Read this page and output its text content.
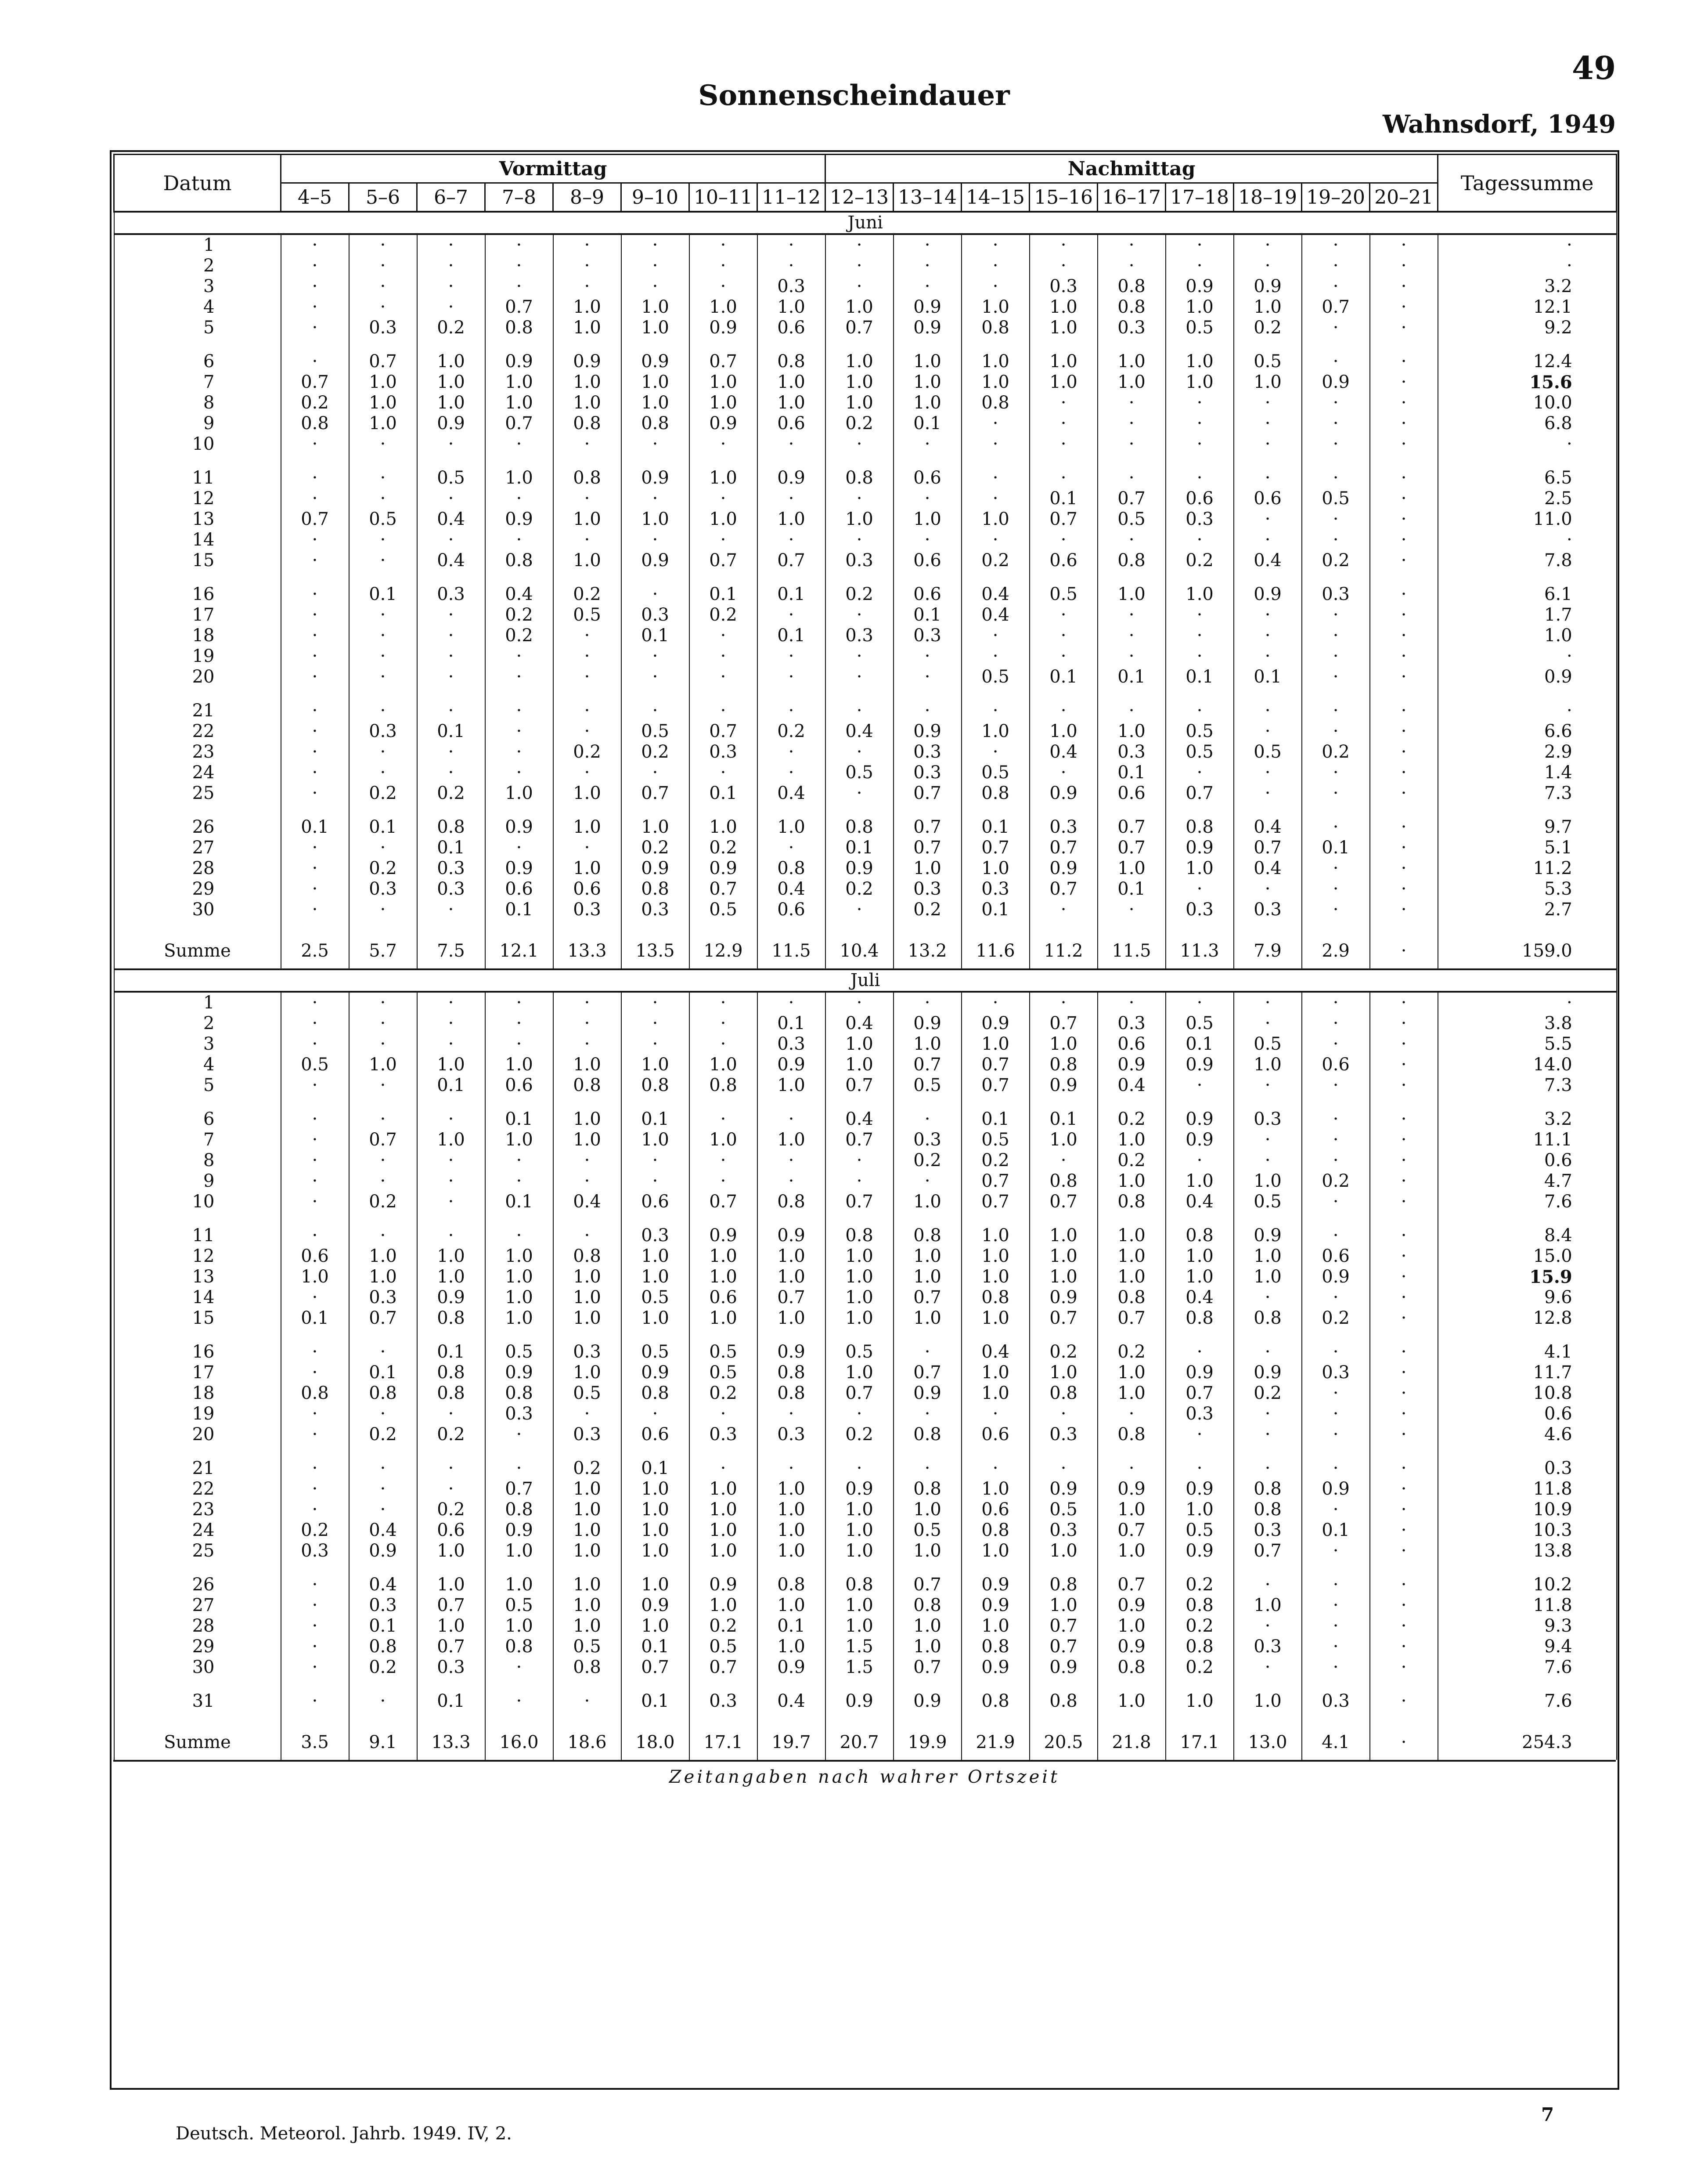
49
Sonnenscheindauer
Wahnsdorf, 1949
Datum	Vormittag								Nachmittag									Tagessumme
	4–5	5–6	6–7	7–8	8–9	9–10	10–11	11–12	12–13	13–14	14–15	15–16	16–17	17–18	18–19	19–20	20–21	
Juni																		
1	·	·	·	·	·	·	·	·	·	·	·	·	·	·	·	·	·	·
2	·	·	·	·	·	·	·	·	·	·	·	·	·	·	·	·	·	·
3	·	·	·	·	·	·	·	0.3	·	·	·	0.3	0.8	0.9	0.9	·	·	3.2
4	·	·	·	0.7	1.0	1.0	1.0	1.0	1.0	0.9	1.0	1.0	0.8	1.0	1.0	0.7	·	12.1
5	·	0.3	0.2	0.8	1.0	1.0	0.9	0.6	0.7	0.9	0.8	1.0	0.3	0.5	0.2	·	·	9.2

6	·	0.7	1.0	0.9	0.9	0.9	0.7	0.8	1.0	1.0	1.0	1.0	1.0	1.0	0.5	·	·	12.4
7	0.7	1.0	1.0	1.0	1.0	1.0	1.0	1.0	1.0	1.0	1.0	1.0	1.0	1.0	1.0	0.9	·	15.6
8	0.2	1.0	1.0	1.0	1.0	1.0	1.0	1.0	1.0	1.0	0.8	·	·	·	·	·	·	10.0
9	0.8	1.0	0.9	0.7	0.8	0.8	0.9	0.6	0.2	0.1	·	·	·	·	·	·	·	6.8
10	·	·	·	·	·	·	·	·	·	·	·	·	·	·	·	·	·	·

11	·	·	0.5	1.0	0.8	0.9	1.0	0.9	0.8	0.6	·	·	·	·	·	·	·	6.5
12	·	·	·	·	·	·	·	·	·	·	·	0.1	0.7	0.6	0.6	0.5	·	2.5
13	0.7	0.5	0.4	0.9	1.0	1.0	1.0	1.0	1.0	1.0	1.0	0.7	0.5	0.3	·	·	·	11.0
14	·	·	·	·	·	·	·	·	·	·	·	·	·	·	·	·	·	·
15	·	·	0.4	0.8	1.0	0.9	0.7	0.7	0.3	0.6	0.2	0.6	0.8	0.2	0.4	0.2	·	7.8

16	·	0.1	0.3	0.4	0.2	·	0.1	0.1	0.2	0.6	0.4	0.5	1.0	1.0	0.9	0.3	·	6.1
17	·	·	·	0.2	0.5	0.3	0.2	·	·	0.1	0.4	·	·	·	·	·	·	1.7
18	·	·	·	0.2	·	0.1	·	0.1	0.3	0.3	·	·	·	·	·	·	·	1.0
19	·	·	·	·	·	·	·	·	·	·	·	·	·	·	·	·	·	·
20	·	·	·	·	·	·	·	·	·	·	0.5	0.1	0.1	0.1	0.1	·	·	0.9

21	·	·	·	·	·	·	·	·	·	·	·	·	·	·	·	·	·	·
22	·	0.3	0.1	·	·	0.5	0.7	0.2	0.4	0.9	1.0	1.0	1.0	0.5	·	·	·	6.6
23	·	·	·	·	0.2	0.2	0.3	·	·	0.3	·	0.4	0.3	0.5	0.5	0.2	·	2.9
24	·	·	·	·	·	·	·	·	0.5	0.3	0.5	·	0.1	·	·	·	·	1.4
25	·	0.2	0.2	1.0	1.0	0.7	0.1	0.4	·	0.7	0.8	0.9	0.6	0.7	·	·	·	7.3

26	0.1	0.1	0.8	0.9	1.0	1.0	1.0	1.0	0.8	0.7	0.1	0.3	0.7	0.8	0.4	·	·	9.7
27	·	·	0.1	·	·	0.2	0.2	·	0.1	0.7	0.7	0.7	0.7	0.9	0.7	0.1	·	5.1
28	·	0.2	0.3	0.9	1.0	0.9	0.9	0.8	0.9	1.0	1.0	0.9	1.0	1.0	0.4	·	·	11.2
29	·	0.3	0.3	0.6	0.6	0.8	0.7	0.4	0.2	0.3	0.3	0.7	0.1	·	·	·	·	5.3
30	·	·	·	0.1	0.3	0.3	0.5	0.6	·	0.2	0.1	·	·	0.3	0.3	·	·	2.7

Summe	2.5	5.7	7.5	12.1	13.3	13.5	12.9	11.5	10.4	13.2	11.6	11.2	11.5	11.3	7.9	2.9	·	159.0
Juli																		
1	·	·	·	·	·	·	·	·	·	·	·	·	·	·	·	·	·	·
2	·	·	·	·	·	·	·	0.1	0.4	0.9	0.9	0.7	0.3	0.5	·	·	·	3.8
3	·	·	·	·	·	·	·	0.3	1.0	1.0	1.0	1.0	0.6	0.1	0.5	·	·	5.5
4	0.5	1.0	1.0	1.0	1.0	1.0	1.0	0.9	1.0	0.7	0.7	0.8	0.9	0.9	1.0	0.6	·	14.0
5	·	·	0.1	0.6	0.8	0.8	0.8	1.0	0.7	0.5	0.7	0.9	0.4	·	·	·	·	7.3

6	·	·	·	0.1	1.0	0.1	·	·	0.4	·	0.1	0.1	0.2	0.9	0.3	·	·	3.2
7	·	0.7	1.0	1.0	1.0	1.0	1.0	1.0	0.7	0.3	0.5	1.0	1.0	0.9	·	·	·	11.1
8	·	·	·	·	·	·	·	·	·	0.2	0.2	·	0.2	·	·	·	·	0.6
9	·	·	·	·	·	·	·	·	·	·	0.7	0.8	1.0	1.0	1.0	0.2	·	4.7
10	·	0.2	·	0.1	0.4	0.6	0.7	0.8	0.7	1.0	0.7	0.7	0.8	0.4	0.5	·	·	7.6

11	·	·	·	·	·	0.3	0.9	0.9	0.8	0.8	1.0	1.0	1.0	0.8	0.9	·	·	8.4
12	0.6	1.0	1.0	1.0	0.8	1.0	1.0	1.0	1.0	1.0	1.0	1.0	1.0	1.0	1.0	0.6	·	15.0
13	1.0	1.0	1.0	1.0	1.0	1.0	1.0	1.0	1.0	1.0	1.0	1.0	1.0	1.0	1.0	0.9	·	15.9
14	·	0.3	0.9	1.0	1.0	0.5	0.6	0.7	1.0	0.7	0.8	0.9	0.8	0.4	·	·	·	9.6
15	0.1	0.7	0.8	1.0	1.0	1.0	1.0	1.0	1.0	1.0	1.0	0.7	0.7	0.8	0.8	0.2	·	12.8

16	·	·	0.1	0.5	0.3	0.5	0.5	0.9	0.5	·	0.4	0.2	0.2	·	·	·	·	4.1
17	·	0.1	0.8	0.9	1.0	0.9	0.5	0.8	1.0	0.7	1.0	1.0	1.0	0.9	0.9	0.3	·	11.7
18	0.8	0.8	0.8	0.8	0.5	0.8	0.2	0.8	0.7	0.9	1.0	0.8	1.0	0.7	0.2	·	·	10.8
19	·	·	·	0.3	·	·	·	·	·	·	·	·	·	0.3	·	·	·	0.6
20	·	0.2	0.2	·	0.3	0.6	0.3	0.3	0.2	0.8	0.6	0.3	0.8	·	·	·	·	4.6

21	·	·	·	·	0.2	0.1	·	·	·	·	·	·	·	·	·	·	·	0.3
22	·	·	·	0.7	1.0	1.0	1.0	1.0	0.9	0.8	1.0	0.9	0.9	0.9	0.8	0.9	·	11.8
23	·	·	0.2	0.8	1.0	1.0	1.0	1.0	1.0	1.0	0.6	0.5	1.0	1.0	0.8	·	·	10.9
24	0.2	0.4	0.6	0.9	1.0	1.0	1.0	1.0	1.0	0.5	0.8	0.3	0.7	0.5	0.3	0.1	·	10.3
25	0.3	0.9	1.0	1.0	1.0	1.0	1.0	1.0	1.0	1.0	1.0	1.0	1.0	0.9	0.7	·	·	13.8

26	·	0.4	1.0	1.0	1.0	1.0	0.9	0.8	0.8	0.7	0.9	0.8	0.7	0.2	·	·	·	10.2
27	·	0.3	0.7	0.5	1.0	0.9	1.0	1.0	1.0	0.8	0.9	1.0	0.9	0.8	1.0	·	·	11.8
28	·	0.1	1.0	1.0	1.0	1.0	0.2	0.1	1.0	1.0	1.0	0.7	1.0	0.2	·	·	·	9.3
29	·	0.8	0.7	0.8	0.5	0.1	0.5	1.0	1.5	1.0	0.8	0.7	0.9	0.8	0.3	·	·	9.4
30	·	0.2	0.3	·	0.8	0.7	0.7	0.9	1.5	0.7	0.9	0.9	0.8	0.2	·	·	·	7.6

31	·	·	0.1	·	·	0.1	0.3	0.4	0.9	0.9	0.8	0.8	1.0	1.0	1.0	0.3	·	7.6

Summe	3.5	9.1	13.3	16.0	18.6	18.0	17.1	19.7	20.7	19.9	21.9	20.5	21.8	17.1	13.0	4.1	·	254.3
Zeitangaben nach wahrer Ortszeit
Deutsch. Meteorol. Jahrb. 1949. IV, 2.
7
